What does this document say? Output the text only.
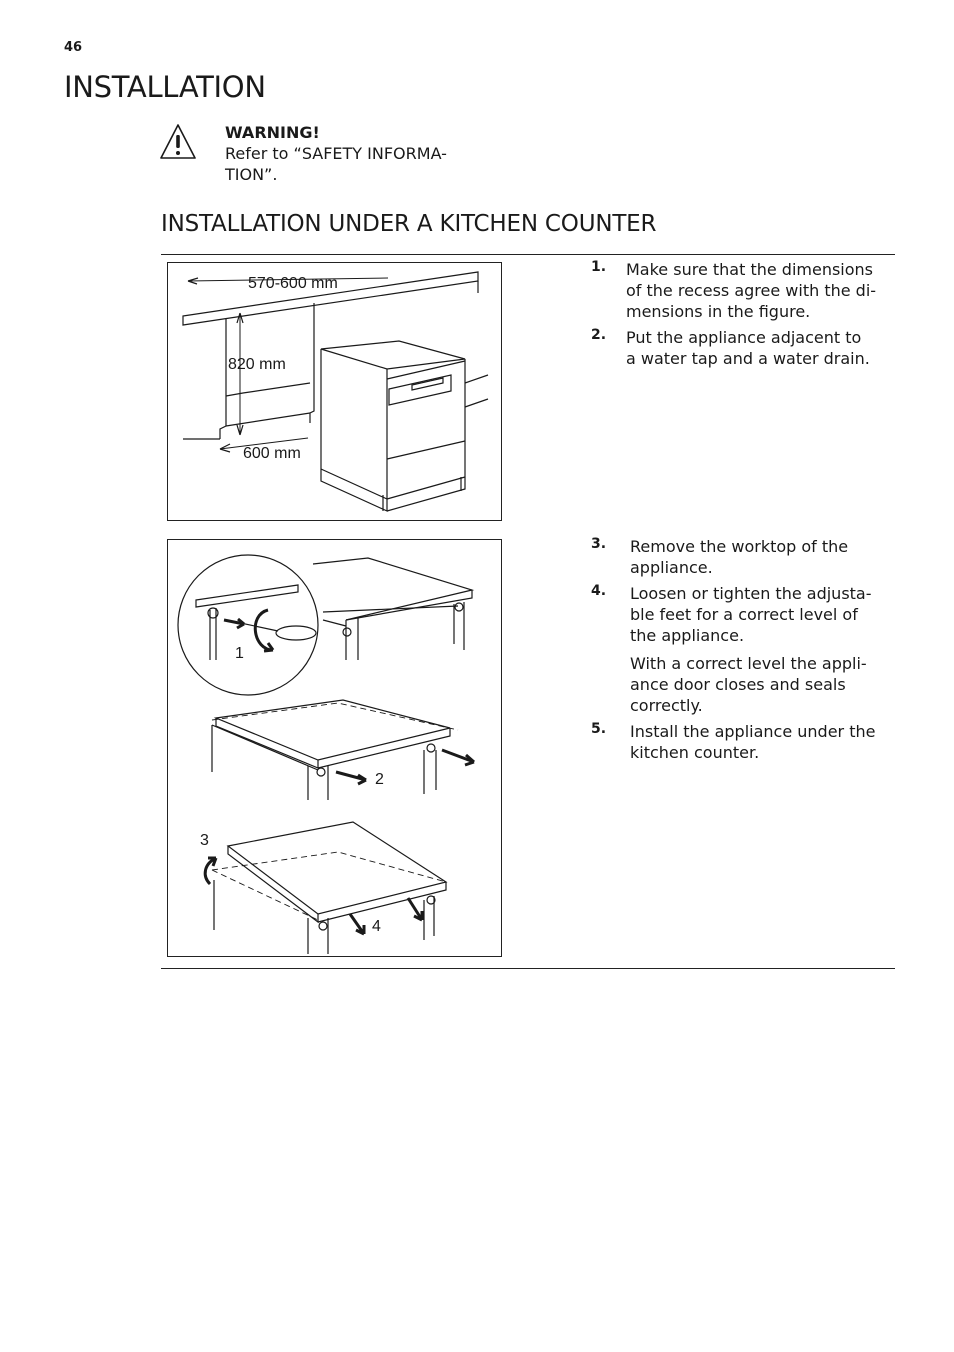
46
INSTALLATION
WARNING!
Refer to “SAFETY INFORMA-
TION”.
INSTALLATION UNDER A KITCHEN COUNTER
570-600 mm
820 mm
600 mm
1. Make sure that the dimensions
of the recess agree with the di-
mensions in the figure.
2. Put the appliance adjacent to
a water tap and a water drain.
1
2
3
4
3. Remove the worktop of the
appliance.
4. Loosen or tighten the adjusta-
ble feet for a correct level of
the appliance.
With a correct level the appli-
ance door closes and seals
correctly.
5. Install the appliance under the
kitchen counter.
